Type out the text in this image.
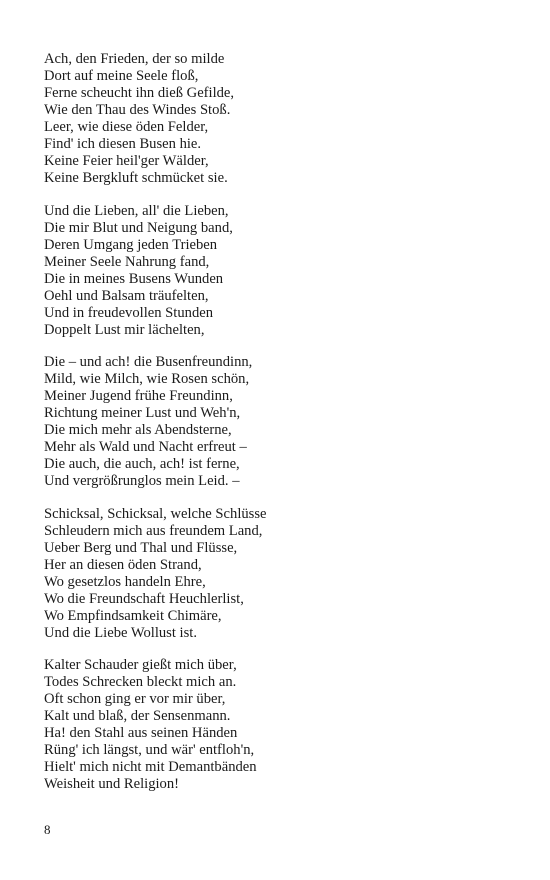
Ach, den Frieden, der so milde
Dort auf meine Seele floß,
Ferne scheucht ihn dieß Gefilde,
Wie den Thau des Windes Stoß.
Leer, wie diese öden Felder,
Find' ich diesen Busen hie.
Keine Feier heil'ger Wälder,
Keine Bergkluft schmücket sie.
Und die Lieben, all' die Lieben,
Die mir Blut und Neigung band,
Deren Umgang jeden Trieben
Meiner Seele Nahrung fand,
Die in meines Busens Wunden
Oehl und Balsam träufelten,
Und in freudevollen Stunden
Doppelt Lust mir lächelten,
Die – und ach! die Busenfreundinn,
Mild, wie Milch, wie Rosen schön,
Meiner Jugend frühe Freundinn,
Richtung meiner Lust und Weh'n,
Die mich mehr als Abendsterne,
Mehr als Wald und Nacht erfreut –
Die auch, die auch, ach! ist ferne,
Und vergrößrunglos mein Leid. –
Schicksal, Schicksal, welche Schlüsse
Schleudern mich aus freundem Land,
Ueber Berg und Thal und Flüsse,
Her an diesen öden Strand,
Wo gesetzlos handeln Ehre,
Wo die Freundschaft Heuchlerlist,
Wo Empfindsamkeit Chimäre,
Und die Liebe Wollust ist.
Kalter Schauder gießt mich über,
Todes Schrecken bleckt mich an.
Oft schon ging er vor mir über,
Kalt und blaß, der Sensenmann.
Ha! den Stahl aus seinen Händen
Rüng' ich längst, und wär' entfloh'n,
Hielt' mich nicht mit Demantbänden
Weisheit und Religion!
8
